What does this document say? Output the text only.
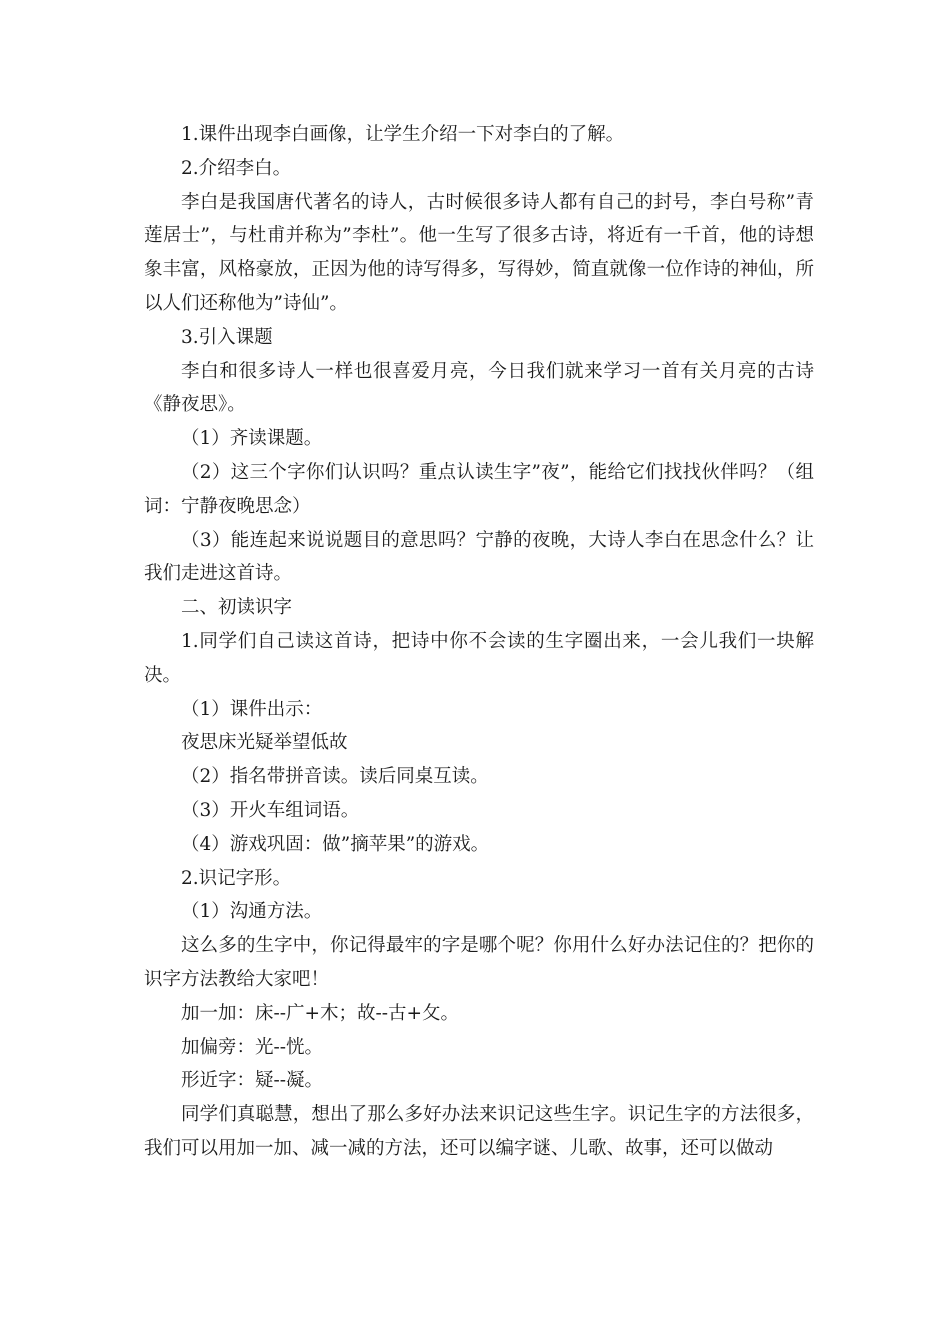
1.课件出现李白画像，让学生介绍一下对李白的了解。

2.介绍李白。

李白是我国唐代著名的诗人，古时候很多诗人都有自己的封号，李白号称”青莲居士”，与杜甫并称为”李杜”。他一生写了很多古诗，将近有一千首，他的诗想象丰富，风格豪放，正因为他的诗写得多，写得妙，简直就像一位作诗的神仙，所以人们还称他为”诗仙”。

3.引入课题

李白和很多诗人一样也很喜爱月亮，今日我们就来学习一首有关月亮的古诗《静夜思》。

（1）齐读课题。

（2）这三个字你们认识吗？重点认读生字”夜”，能给它们找找伙伴吗？（组词：宁静夜晚思念）

（3）能连起来说说题目的意思吗？宁静的夜晚，大诗人李白在思念什么？让我们走进这首诗。

二、初读识字

1.同学们自己读这首诗，把诗中你不会读的生字圈出来，一会儿我们一块解决。

（1）课件出示：

夜思床光疑举望低故

（2）指名带拼音读。读后同桌互读。

（3）开火车组词语。

（4）游戏巩固：做”摘苹果”的游戏。

2.识记字形。

（1）沟通方法。

这么多的生字中，你记得最牢的字是哪个呢？你用什么好办法记住的？把你的识字方法教给大家吧！

加一加：床--广+木；故--古+攵。

加偏旁：光--恍。

形近字：疑--凝。

同学们真聪慧，想出了那么多好办法来识记这些生字。识记生字的方法很多，我们可以用加一加、减一减的方法，还可以编字谜、儿歌、故事，还可以做动
